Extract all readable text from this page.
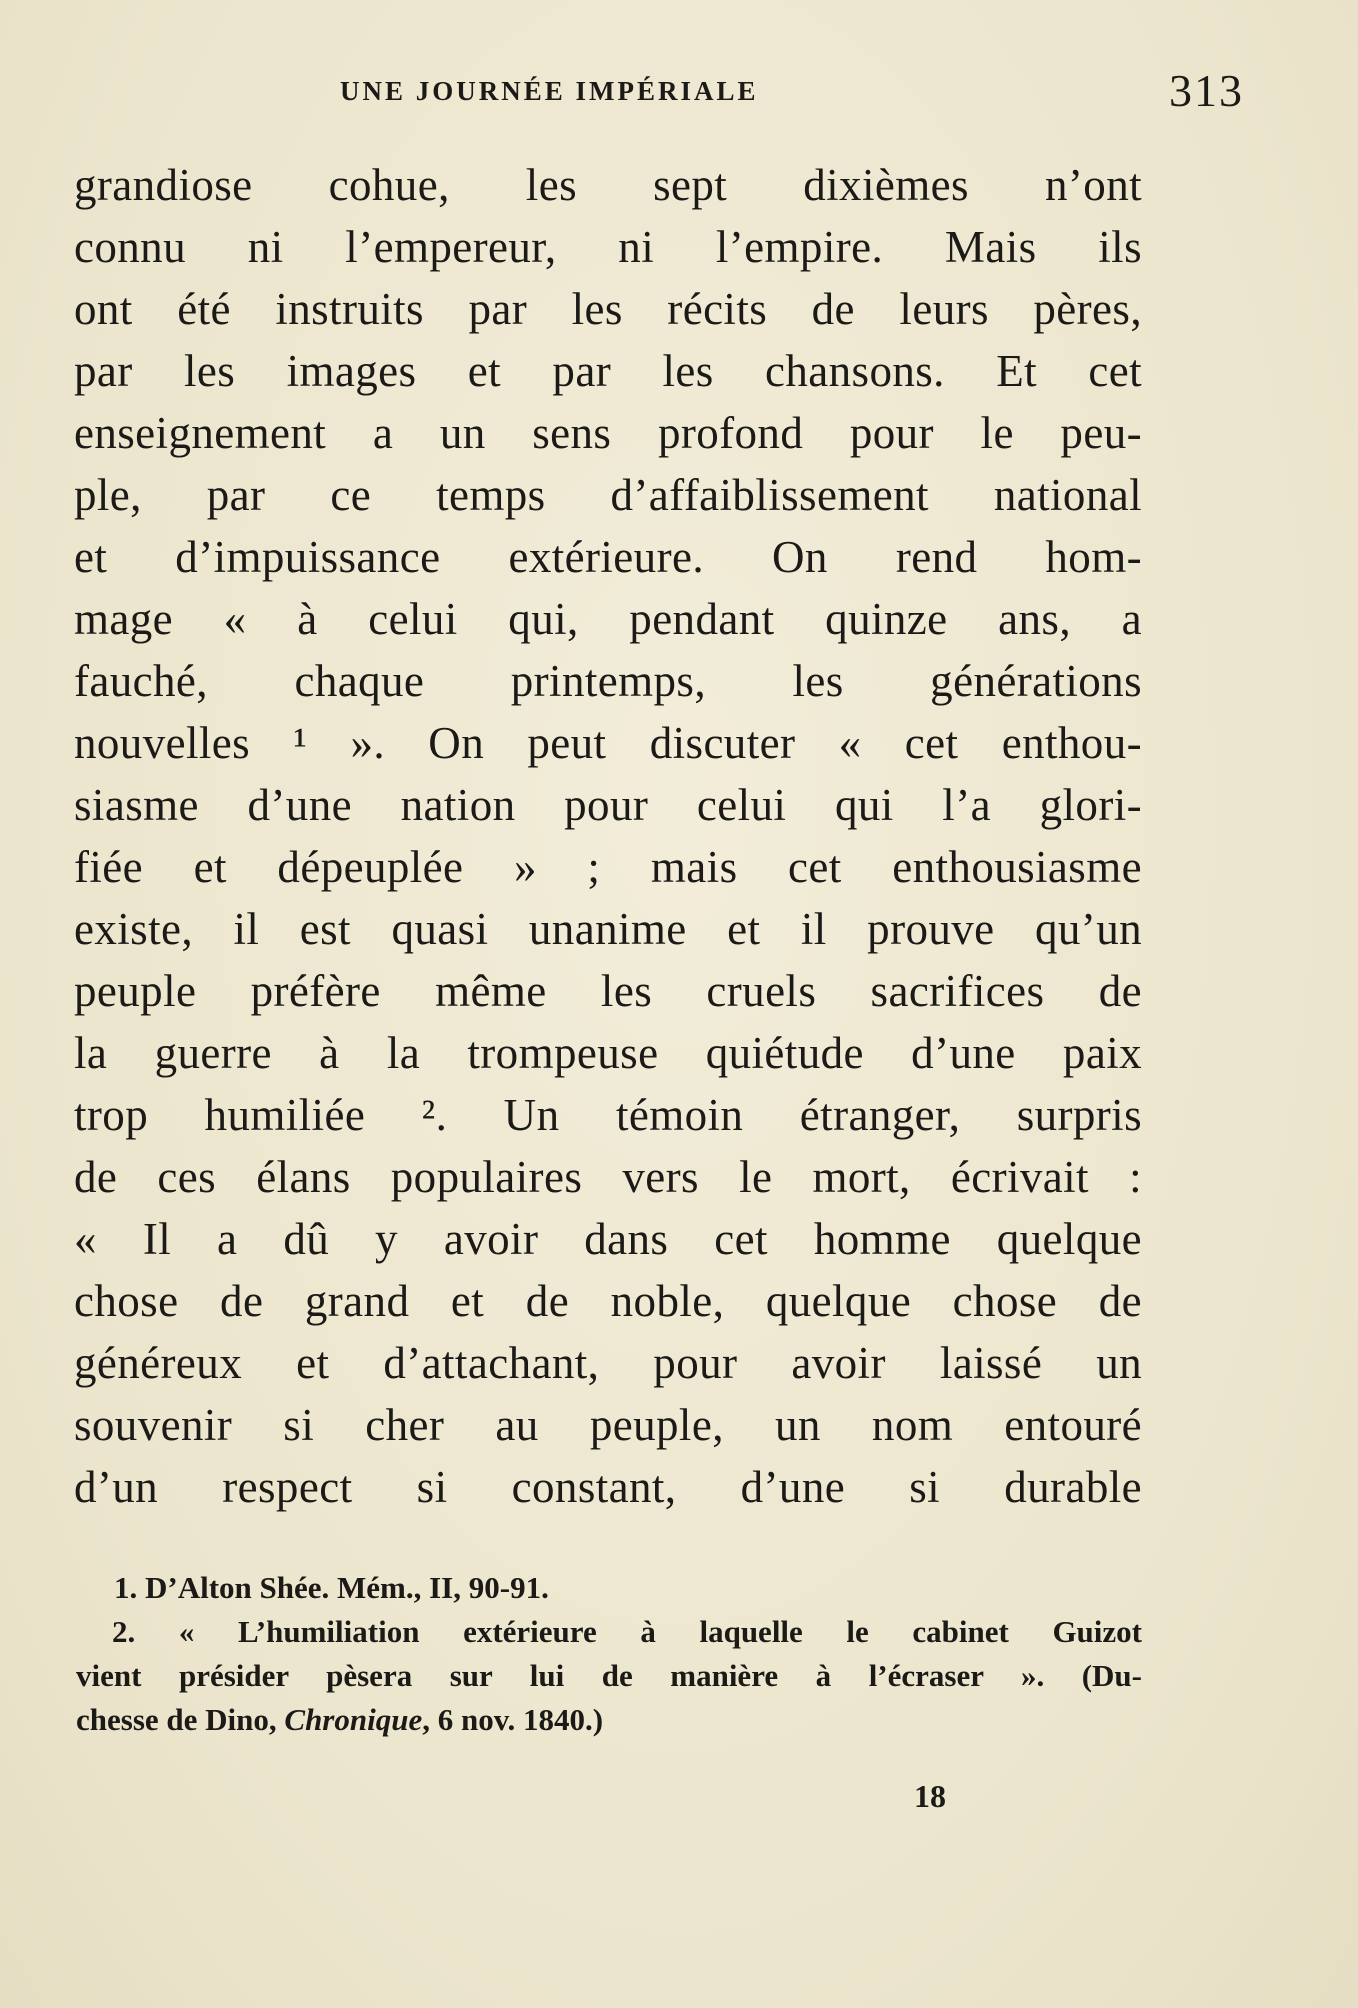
UNE JOURNÉE IMPÉRIALE	313
grandiose cohue, les sept dixièmes n’ont
connu ni l’empereur, ni l’empire. Mais ils
ont été instruits par les récits de leurs pères,
par les images et par les chansons. Et cet
enseignement a un sens profond pour le peu-
ple, par ce temps d’affaiblissement national
et d’impuissance extérieure. On rend hom-
mage « à celui qui, pendant quinze ans, a
fauché, chaque printemps, les générations
nouvelles ¹ ». On peut discuter « cet enthou-
siasme d’une nation pour celui qui l’a glori-
fiée et dépeuplée » ; mais cet enthousiasme
existe, il est quasi unanime et il prouve qu’un
peuple préfère même les cruels sacrifices de
la guerre à la trompeuse quiétude d’une paix
trop humiliée ². Un témoin étranger, surpris
de ces élans populaires vers le mort, écrivait :
« Il a dû y avoir dans cet homme quelque
chose de grand et de noble, quelque chose de
généreux et d’attachant, pour avoir laissé un
souvenir si cher au peuple, un nom entouré
d’un respect si constant, d’une si durable
1. D’Alton Shée. Mém., II, 90-91.
2. « L’humiliation extérieure à laquelle le cabinet Guizot
vient présider pèsera sur lui de manière à l’écraser ». (Du-
chesse de Dino, Chronique, 6 nov. 1840.)
18
